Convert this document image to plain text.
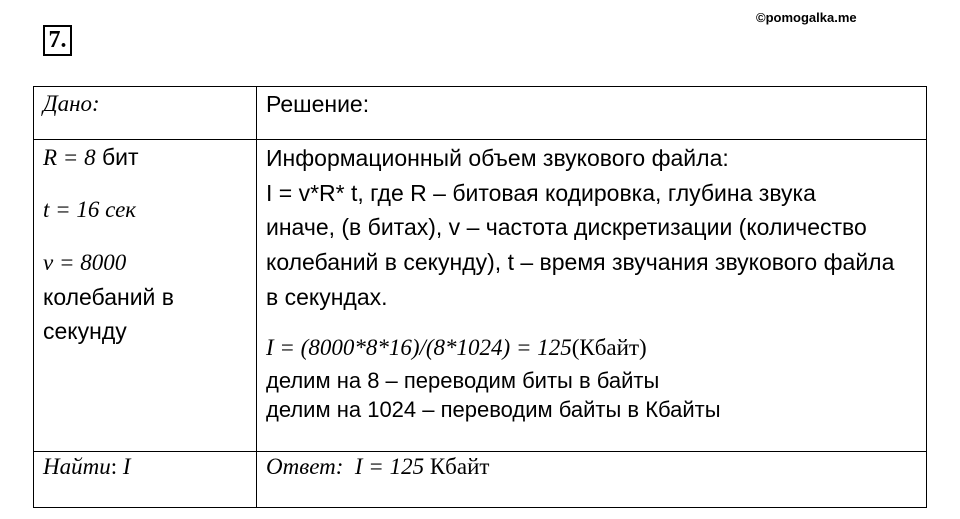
7.
©pomogalka.me
Дано:
R = 8 бит
t = 16 сек
v = 8000
колебаний в
секунду
Найти: I
Решение:
Информационный объем звукового файла:
I = v*R* t, где R – битовая кодировка, глубина звука
иначе, (в битах), v – частота дискретизации (количество
колебаний в секунду), t – время звучания звукового файла
в секундах.
I = (8000*8*16)/(8*1024) = 125(Кбайт)
делим на 8 – переводим биты в байты
делим на 1024 – переводим байты в Кбайты
Ответ:  I = 125 Кбайт
